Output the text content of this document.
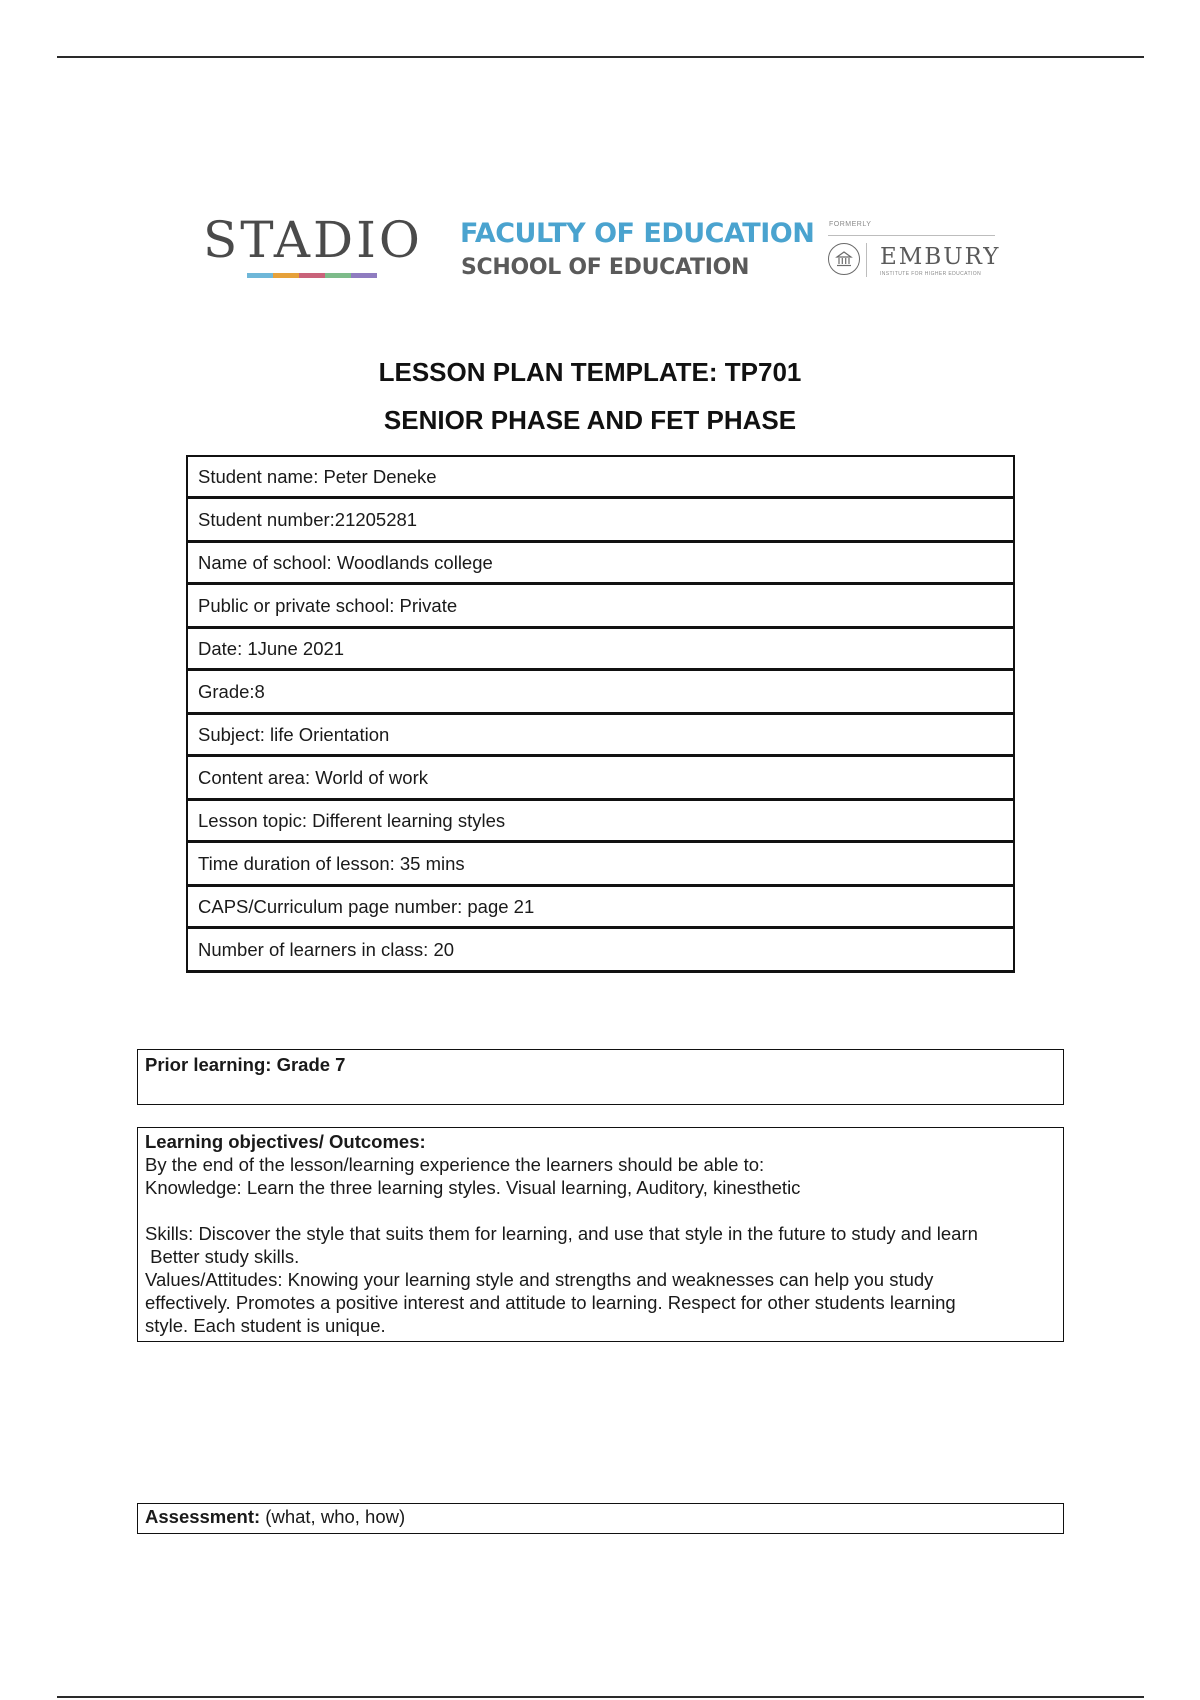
STADIO FACULTY OF EDUCATION
SCHOOL OF EDUCATION
FORMERLY
EMBURY
INSTITUTE FOR HIGHER EDUCATION
LESSON PLAN TEMPLATE: TP701
SENIOR PHASE AND FET PHASE
Student name: Peter Deneke
Student number:21205281
Name of school: Woodlands college
Public or private school: Private
Date: 1June 2021
Grade:8
Subject: life Orientation
Content area: World of work
Lesson topic: Different learning styles
Time duration of lesson: 35 mins
CAPS/Curriculum page number: page 21
Number of learners in class: 20
Prior learning: Grade 7
Learning objectives/ Outcomes:
By the end of the lesson/learning experience the learners should be able to:
Knowledge: Learn the three learning styles. Visual learning, Auditory, kinesthetic
Skills: Discover the style that suits them for learning, and use that style in the future to study and learn
Better study skills.
Values/Attitudes: Knowing your learning style and strengths and weaknesses can help you study
effectively. Promotes a positive interest and attitude to learning. Respect for other students learning
style. Each student is unique.
Assessment: (what, who, how)
